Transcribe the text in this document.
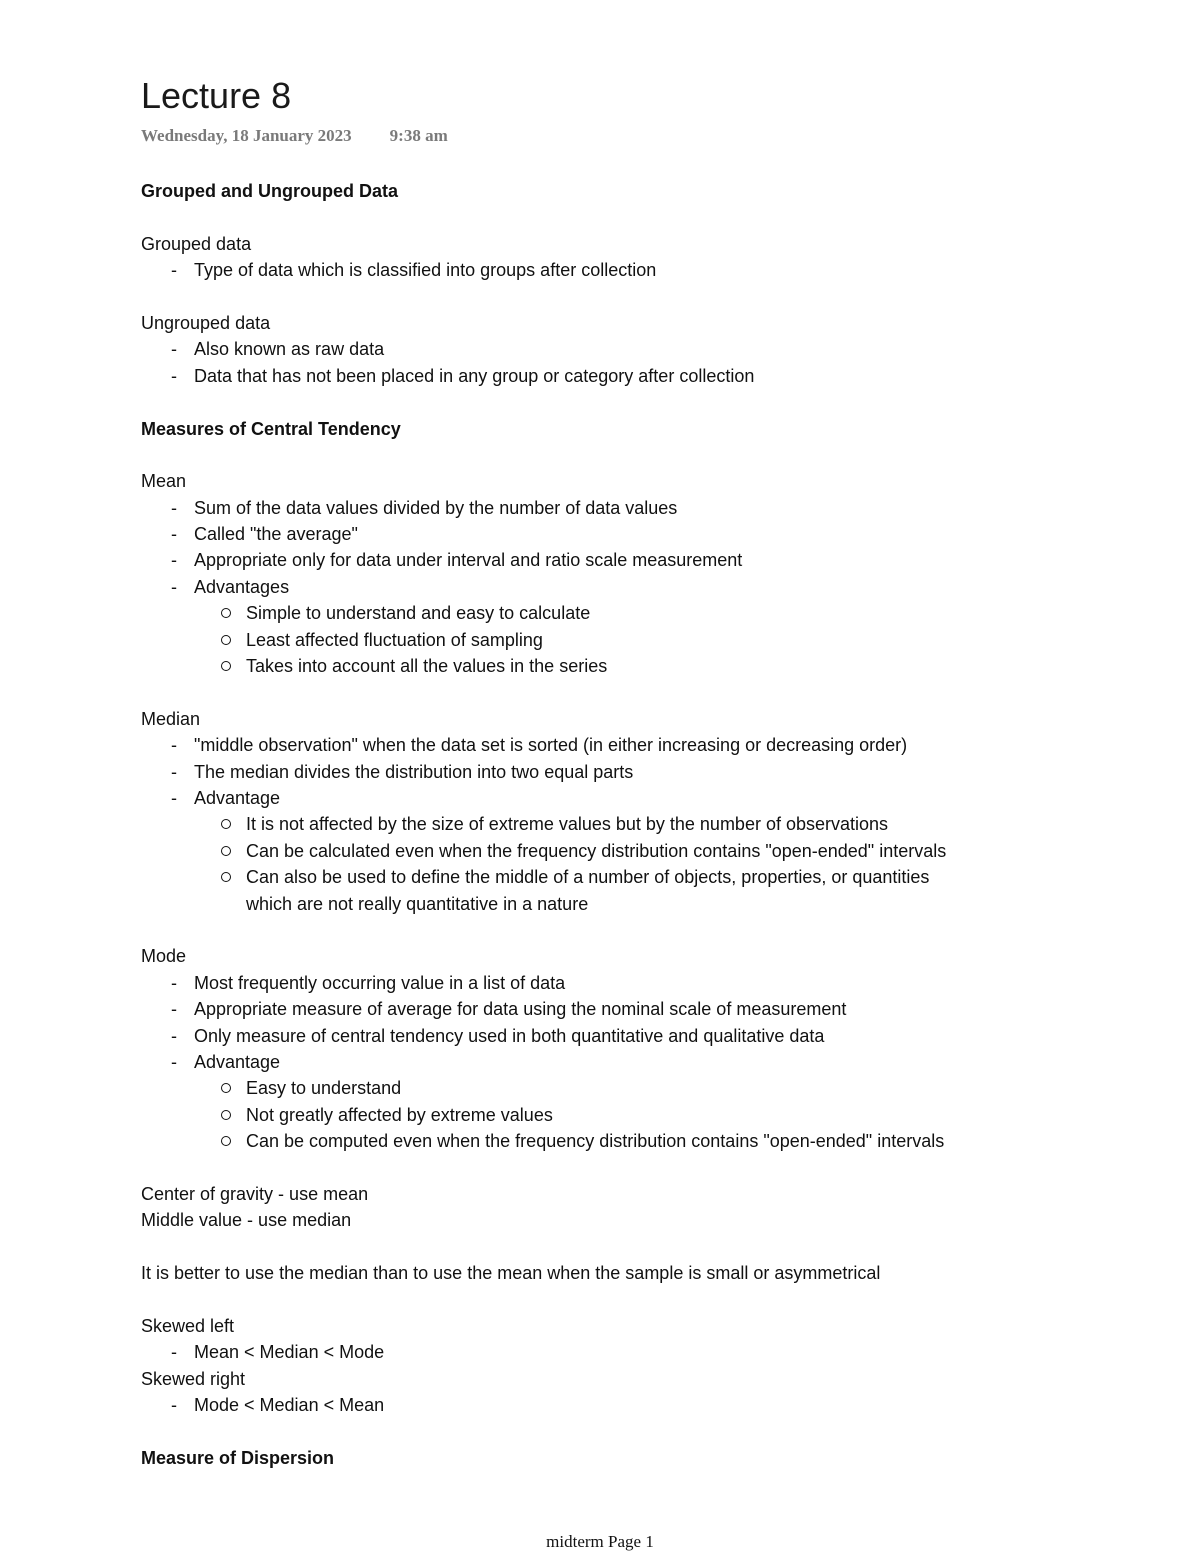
Lecture 8
Wednesday, 18 January 2023 9:38 am
Grouped and Ungrouped Data
Grouped data
- Type of data which is classified into groups after collection
Ungrouped data
- Also known as raw data
- Data that has not been placed in any group or category after collection
Measures of Central Tendency
Mean
- Sum of the data values divided by the number of data values
- Called "the average"
- Appropriate only for data under interval and ratio scale measurement
- Advantages
Simple to understand and easy to calculate
Least affected fluctuation of sampling
Takes into account all the values in the series
Median
- "middle observation" when the data set is sorted (in either increasing or decreasing order)
- The median divides the distribution into two equal parts
- Advantage
It is not affected by the size of extreme values but by the number of observations
Can be calculated even when the frequency distribution contains "open-ended" intervals
Can also be used to define the middle of a number of objects, properties, or quantities
which are not really quantitative in a nature
Mode
- Most frequently occurring value in a list of data
- Appropriate measure of average for data using the nominal scale of measurement
- Only measure of central tendency used in both quantitative and qualitative data
- Advantage
Easy to understand
Not greatly affected by extreme values
Can be computed even when the frequency distribution contains "open-ended" intervals
Center of gravity - use mean
Middle value - use median
It is better to use the median than to use the mean when the sample is small or asymmetrical
Skewed left
- Mean < Median < Mode
Skewed right
- Mode < Median < Mean
Measure of Dispersion
midterm Page 1
